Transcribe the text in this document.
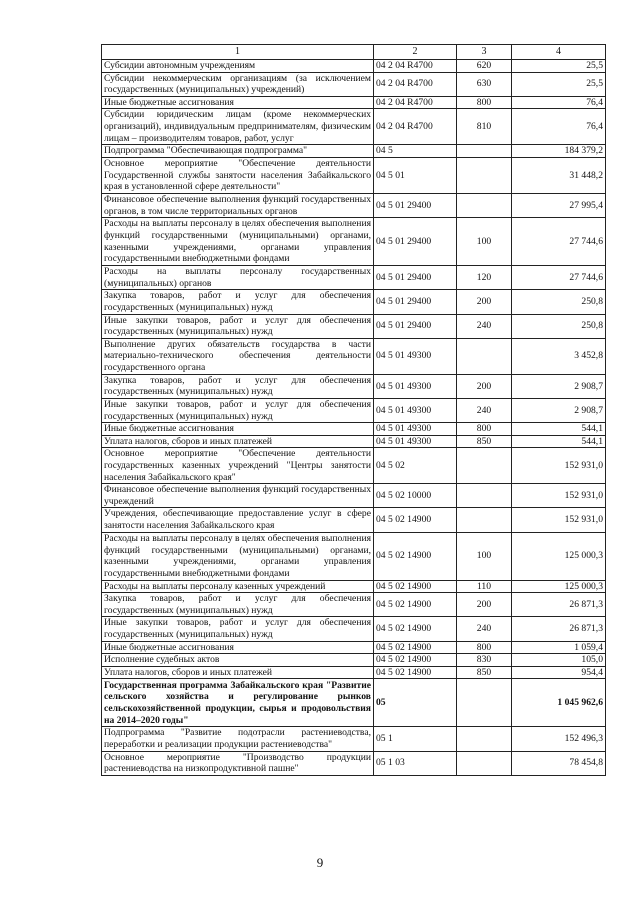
1	2	3	4
Субсидии автономным учреждениям	04 2 04 R4700	620	25,5
Субсидии некоммерческим организациям (за исключением государственных (муниципальных) учреждений)	04 2 04 R4700	630	25,5
Иные бюджетные ассигнования	04 2 04 R4700	800	76,4
Субсидии юридическим лицам (кроме некоммерческих организаций), индивидуальным предпринимателям, физическим лицам – производителям товаров, работ, услуг	04 2 04 R4700	810	76,4
Подпрограмма "Обеспечивающая подпрограмма"	04 5		184 379,2
Основное мероприятие "Обеспечение деятельности Государственной службы занятости населения Забайкальского края в установленной сфере деятельности"	04 5 01		31 448,2
Финансовое обеспечение выполнения функций государственных органов, в том числе территориальных органов	04 5 01 29400		27 995,4
Расходы на выплаты персоналу в целях обеспечения выполнения функций государственными (муниципальными) органами, казенными учреждениями, органами управления государственными внебюджетными фондами	04 5 01 29400	100	27 744,6
Расходы на выплаты персоналу государственных (муниципальных) органов	04 5 01 29400	120	27 744,6
Закупка товаров, работ и услуг для обеспечения государственных (муниципальных) нужд	04 5 01 29400	200	250,8
Иные закупки товаров, работ и услуг для обеспечения государственных (муниципальных) нужд	04 5 01 29400	240	250,8
Выполнение других обязательств государства в части материально-технического обеспечения деятельности государственного органа	04 5 01 49300		3 452,8
Закупка товаров, работ и услуг для обеспечения государственных (муниципальных) нужд	04 5 01 49300	200	2 908,7
Иные закупки товаров, работ и услуг для обеспечения государственных (муниципальных) нужд	04 5 01 49300	240	2 908,7
Иные бюджетные ассигнования	04 5 01 49300	800	544,1
Уплата налогов, сборов и иных платежей	04 5 01 49300	850	544,1
Основное мероприятие "Обеспечение деятельности государственных казенных учреждений "Центры занятости населения Забайкальского края"	04 5 02		152 931,0
Финансовое обеспечение выполнения функций государственных учреждений	04 5 02 10000		152 931,0
Учреждения, обеспечивающие предоставление услуг в сфере занятости населения Забайкальского края	04 5 02 14900		152 931,0
Расходы на выплаты персоналу в целях обеспечения выполнения функций государственными (муниципальными) органами, казенными учреждениями, органами управления государственными внебюджетными фондами	04 5 02 14900	100	125 000,3
Расходы на выплаты персоналу казенных учреждений	04 5 02 14900	110	125 000,3
Закупка товаров, работ и услуг для обеспечения государственных (муниципальных) нужд	04 5 02 14900	200	26 871,3
Иные закупки товаров, работ и услуг для обеспечения государственных (муниципальных) нужд	04 5 02 14900	240	26 871,3
Иные бюджетные ассигнования	04 5 02 14900	800	1 059,4
Исполнение судебных актов	04 5 02 14900	830	105,0
Уплата налогов, сборов и иных платежей	04 5 02 14900	850	954,4
Государственная программа Забайкальского края "Развитие сельского хозяйства и регулирование рынков сельскохозяйственной продукции, сырья и продовольствия на 2014–2020 годы"	05		1 045 962,6
Подпрограмма "Развитие подотрасли растениеводства, переработки и реализации продукции растениеводства"	05 1		152 496,3
Основное мероприятие "Производство продукции растениеводства на низкопродуктивной пашне"	05 1 03		78 454,8
9
